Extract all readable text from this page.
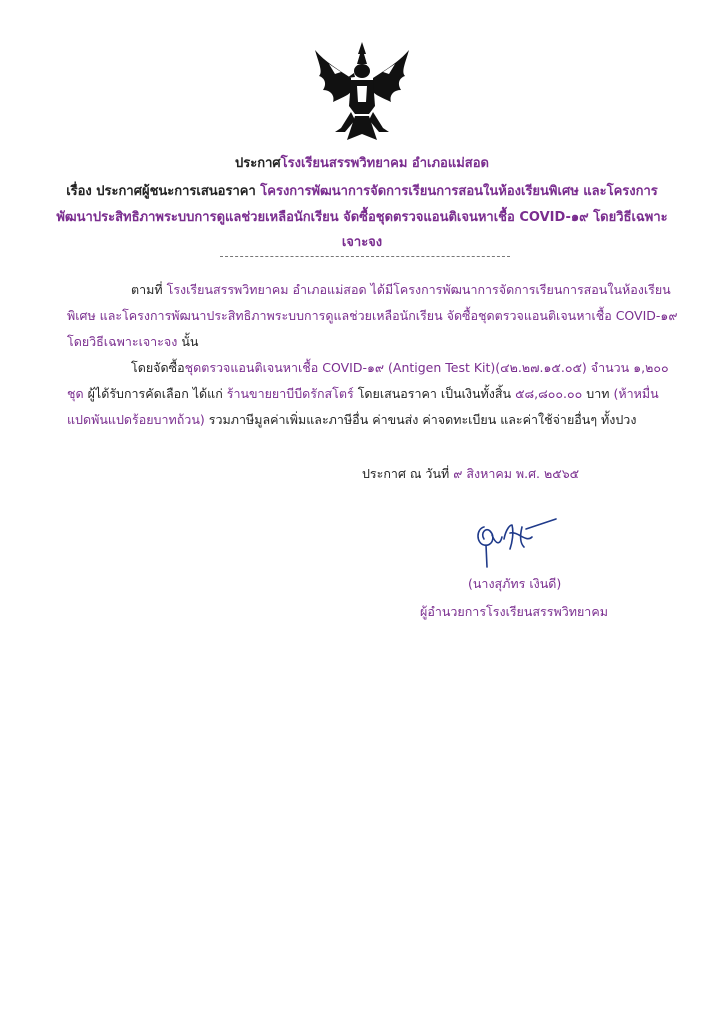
ประกาศโรงเรียนสรรพวิทยาคม อำเภอแม่สอด
เรื่อง ประกาศผู้ชนะการเสนอราคา โครงการพัฒนาการจัดการเรียนการสอนในห้องเรียนพิเศษ และโครงการ
พัฒนาประสิทธิภาพระบบการดูแลช่วยเหลือนักเรียน จัดซื้อชุดตรวจแอนติเจนหาเชื้อ COVID-๑๙ โดยวิธีเฉพาะ
เจาะจง
ตามที่ โรงเรียนสรรพวิทยาคม อำเภอแม่สอด ได้มีโครงการพัฒนาการจัดการเรียนการสอนในห้องเรียน
พิเศษ และโครงการพัฒนาประสิทธิภาพระบบการดูแลช่วยเหลือนักเรียน จัดซื้อชุดตรวจแอนติเจนหาเชื้อ COVID-๑๙
โดยวิธีเฉพาะเจาะจง นั้น
โดยจัดซื้อชุดตรวจแอนติเจนหาเชื้อ COVID-๑๙ (Antigen Test Kit)(๔๒.๒๗.๑๕.๐๕) จำนวน ๑,๒๐๐
ชุด ผู้ได้รับการคัดเลือก ได้แก่ ร้านขายยาบีบีดรักสโตร์ โดยเสนอราคา เป็นเงินทั้งสิ้น ๕๘,๘๐๐.๐๐ บาท (ห้าหมื่น
แปดพันแปดร้อยบาทถ้วน) รวมภาษีมูลค่าเพิ่มและภาษีอื่น ค่าขนส่ง ค่าจดทะเบียน และค่าใช้จ่ายอื่นๆ ทั้งปวง
ประกาศ ณ วันที่ ๙ สิงหาคม พ.ศ. ๒๕๖๕
(นางสุภัทร เงินดี)
ผู้อำนวยการโรงเรียนสรรพวิทยาคม
